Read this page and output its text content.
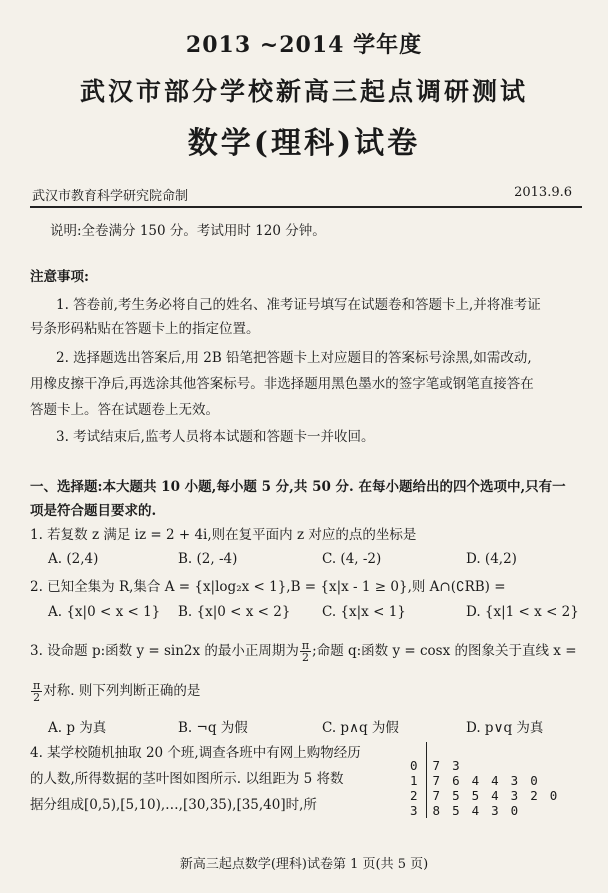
2013 ~2014 学年度
武汉市部分学校新高三起点调研测试
数学(理科)试卷
武汉市教育科学研究院命制	2013.9.6
说明:全卷满分 150 分。考试用时 120 分钟。
注意事项:
1. 答卷前,考生务必将自己的姓名、准考证号填写在试题卷和答题卡上,并将准考证
号条形码粘贴在答题卡上的指定位置。
2. 选择题选出答案后,用 2B 铅笔把答题卡上对应题目的答案标号涂黑,如需改动,
用橡皮擦干净后,再选涂其他答案标号。非选择题用黑色墨水的签字笔或钢笔直接答在
答题卡上。答在试题卷上无效。
3. 考试结束后,监考人员将本试题和答题卡一并收回。
一、选择题:本大题共 10 小题,每小题 5 分,共 50 分. 在每小题给出的四个选项中,只有一
项是符合题目要求的.
1. 若复数 z 满足 iz = 2 + 4i,则在复平面内 z 对应的点的坐标是
A. (2,4)	B. (2, -4)	C. (4, -2)	D. (4,2)
2. 已知全集为 R,集合 A = {x|log₂x < 1},B = {x|x - 1 ≥ 0},则 A∩(∁RB) =
A. {x|0 < x < 1} B. {x|0 < x < 2} C. {x|x < 1}	D. {x|1 < x < 2}
3. 设命题 p:函数 y = sin2x 的最小正周期为 $\frac{\pi}{2}$ ;命题 q:函数 y = cosx 的图象关于直线 x =
$\frac{\pi}{2}$ 对称. 则下列判断正确的是
A. p 为真	B. ¬q 为假	C. p∧q 为假	D. p∨q 为真
4. 某学校随机抽取 20 个班,调查各班中有网上购物经历
的人数,所得数据的茎叶图如图所示. 以组距为 5 将数
据分组成[0,5),[5,10),…,[30,35),[35,40]时,所

0	7	3					
1	7	6	4	4	3	0	
2	7	5	5	4	3	2	0
3	8	5	4	3	0		
新高三起点数学(理科)试卷第 1 页(共 5 页)
